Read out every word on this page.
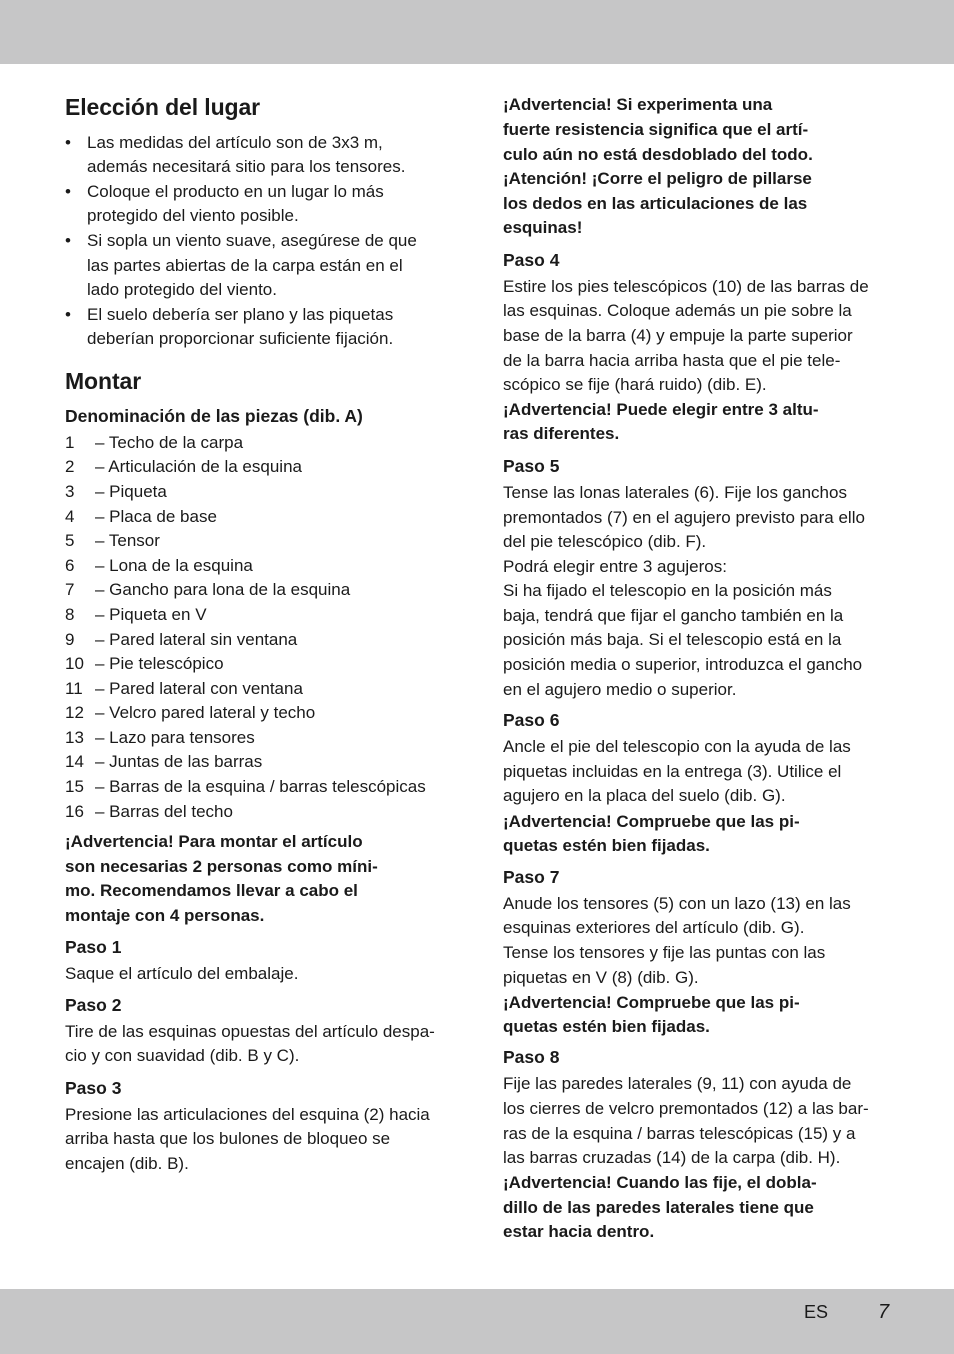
Elección del lugar
• Las medidas del artículo son de 3x3 m,
además necesitará sitio para los tensores.
• Coloque el producto en un lugar lo más
protegido del viento posible.
• Si sopla un viento suave, asegúrese de que
las partes abiertas de la carpa están en el
lado protegido del viento.
• El suelo debería ser plano y las piquetas
deberían proporcionar suficiente fijación.
Montar
Denominación de las piezas (dib. A)
1 – Techo de la carpa
2 – Articulación de la esquina
3 – Piqueta
4 – Placa de base
5 – Tensor
6 – Lona de la esquina
7 – Gancho para lona de la esquina
8 – Piqueta en V
9 – Pared lateral sin ventana
10 – Pie telescópico
11 – Pared lateral con ventana
12 – Velcro pared lateral y techo
13 – Lazo para tensores
14 – Juntas de las barras
15 – Barras de la esquina / barras telescópicas
16 – Barras del techo
¡Advertencia! Para montar el artículo
son necesarias 2 personas como míni-
mo. Recomendamos llevar a cabo el
montaje con 4 personas.
Paso 1
Saque el artículo del embalaje.
Paso 2
Tire de las esquinas opuestas del artículo despa-
cio y con suavidad (dib. B y C).
Paso 3
Presione las articulaciones del esquina (2) hacia
arriba hasta que los bulones de bloqueo se
encajen (dib. B).
¡Advertencia! Si experimenta una
fuerte resistencia significa que el artí-
culo aún no está desdoblado del todo.
¡Atención! ¡Corre el peligro de pillarse
los dedos en las articulaciones de las
esquinas!
Paso 4
Estire los pies telescópicos (10) de las barras de
las esquinas. Coloque además un pie sobre la
base de la barra (4) y empuje la parte superior
de la barra hacia arriba hasta que el pie tele-
scópico se fije (hará ruido) (dib. E).
¡Advertencia! Puede elegir entre 3 altu-
ras diferentes.
Paso 5
Tense las lonas laterales (6). Fije los ganchos
premontados (7) en el agujero previsto para ello
del pie telescópico (dib. F).
Podrá elegir entre 3 agujeros:
Si ha fijado el telescopio en la posición más
baja, tendrá que fijar el gancho también en la
posición más baja. Si el telescopio está en la
posición media o superior, introduzca el gancho
en el agujero medio o superior.
Paso 6
Ancle el pie del telescopio con la ayuda de las
piquetas incluidas en la entrega (3). Utilice el
agujero en la placa del suelo (dib. G).
¡Advertencia! Compruebe que las pi-
quetas estén bien fijadas.
Paso 7
Anude los tensores (5) con un lazo (13) en las
esquinas exteriores del artículo (dib. G).
Tense los tensores y fije las puntas con las
piquetas en V (8) (dib. G).
¡Advertencia! Compruebe que las pi-
quetas estén bien fijadas.
Paso 8
Fije las paredes laterales (9, 11) con ayuda de
los cierres de velcro premontados (12) a las bar-
ras de la esquina / barras telescópicas (15) y a
las barras cruzadas (14) de la carpa (dib. H).
¡Advertencia! Cuando las fije, el dobla-
dillo de las paredes laterales tiene que
estar hacia dentro.
ES 7
